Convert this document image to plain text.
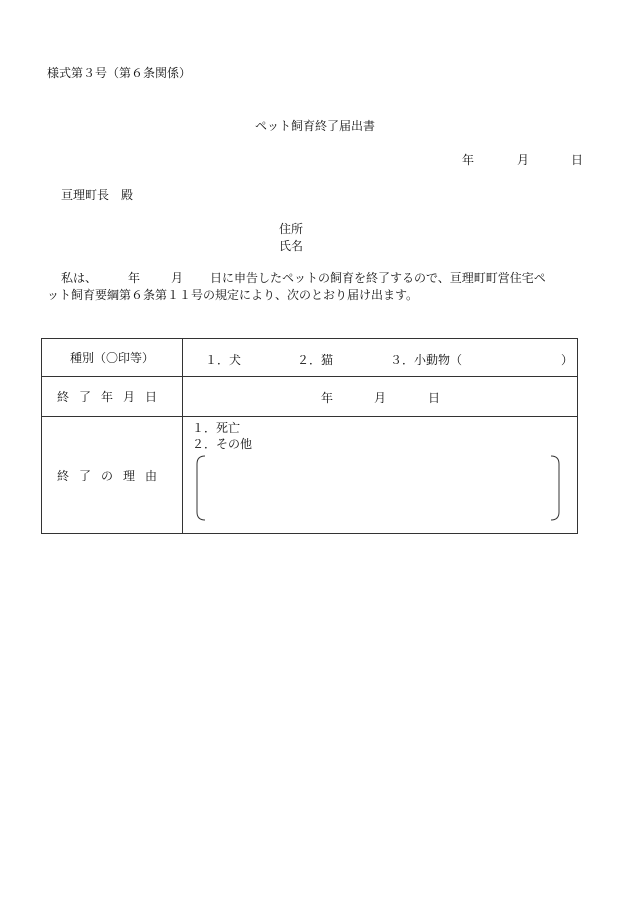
様式第３号（第６条関係）
ペット飼育終了届出書
年	月	日
亘理町長　殿
住所
氏名
私は、	年	月 日に申告したペットの飼育を終了するので、亘理町町営住宅ペ
ット飼育要綱第６条第１１号の規定により、次のとおり届け出ます。
種別（〇印等）	１．犬 ２．猫 ３．小動物（ ）

終了年月日	年 月 日

終了の理由	１．死亡
２．その他
